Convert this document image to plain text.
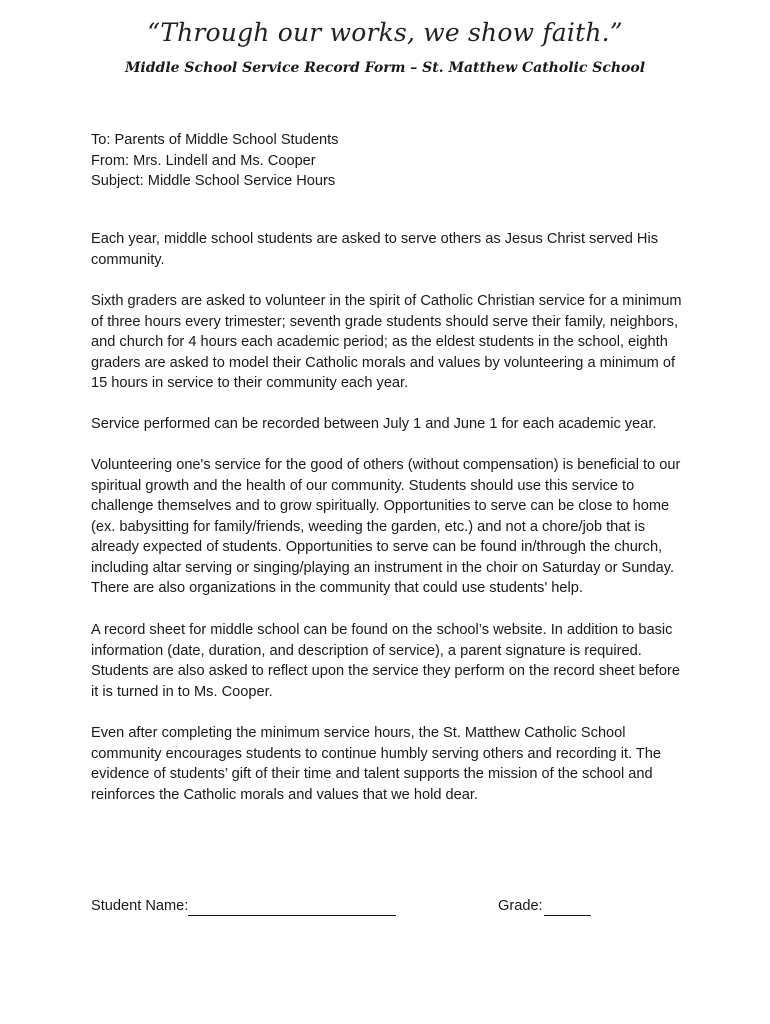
“Through our works, we show faith.”
Middle School Service Record Form – St. Matthew Catholic School
To: Parents of Middle School Students
From: Mrs. Lindell and Ms. Cooper
Subject: Middle School Service Hours

Each year, middle school students are asked to serve others as Jesus Christ served His community.

Sixth graders are asked to volunteer in the spirit of Catholic Christian service for a minimum of three hours every trimester; seventh grade students should serve their family, neighbors, and church for 4 hours each academic period; as the eldest students in the school, eighth graders are asked to model their Catholic morals and values by volunteering a minimum of 15 hours in service to their community each year.

Service performed can be recorded between July 1 and June 1 for each academic year.

Volunteering one's service for the good of others (without compensation) is beneficial to our spiritual growth and the health of our community. Students should use this service to challenge themselves and to grow spiritually. Opportunities to serve can be close to home (ex. babysitting for family/friends, weeding the garden, etc.) and not a chore/job that is already expected of students. Opportunities to serve can be found in/through the church, including altar serving or singing/playing an instrument in the choir on Saturday or Sunday. There are also organizations in the community that could use students' help.

A record sheet for middle school can be found on the school’s website. In addition to basic information (date, duration, and description of service), a parent signature is required. Students are also asked to reflect upon the service they perform on the record sheet before it is turned in to Ms. Cooper.

Even after completing the minimum service hours, the St. Matthew Catholic School community encourages students to continue humbly serving others and recording it. The evidence of students’ gift of their time and talent supports the mission of the school and reinforces the Catholic morals and values that we hold dear.

Student Name:	Grade:
